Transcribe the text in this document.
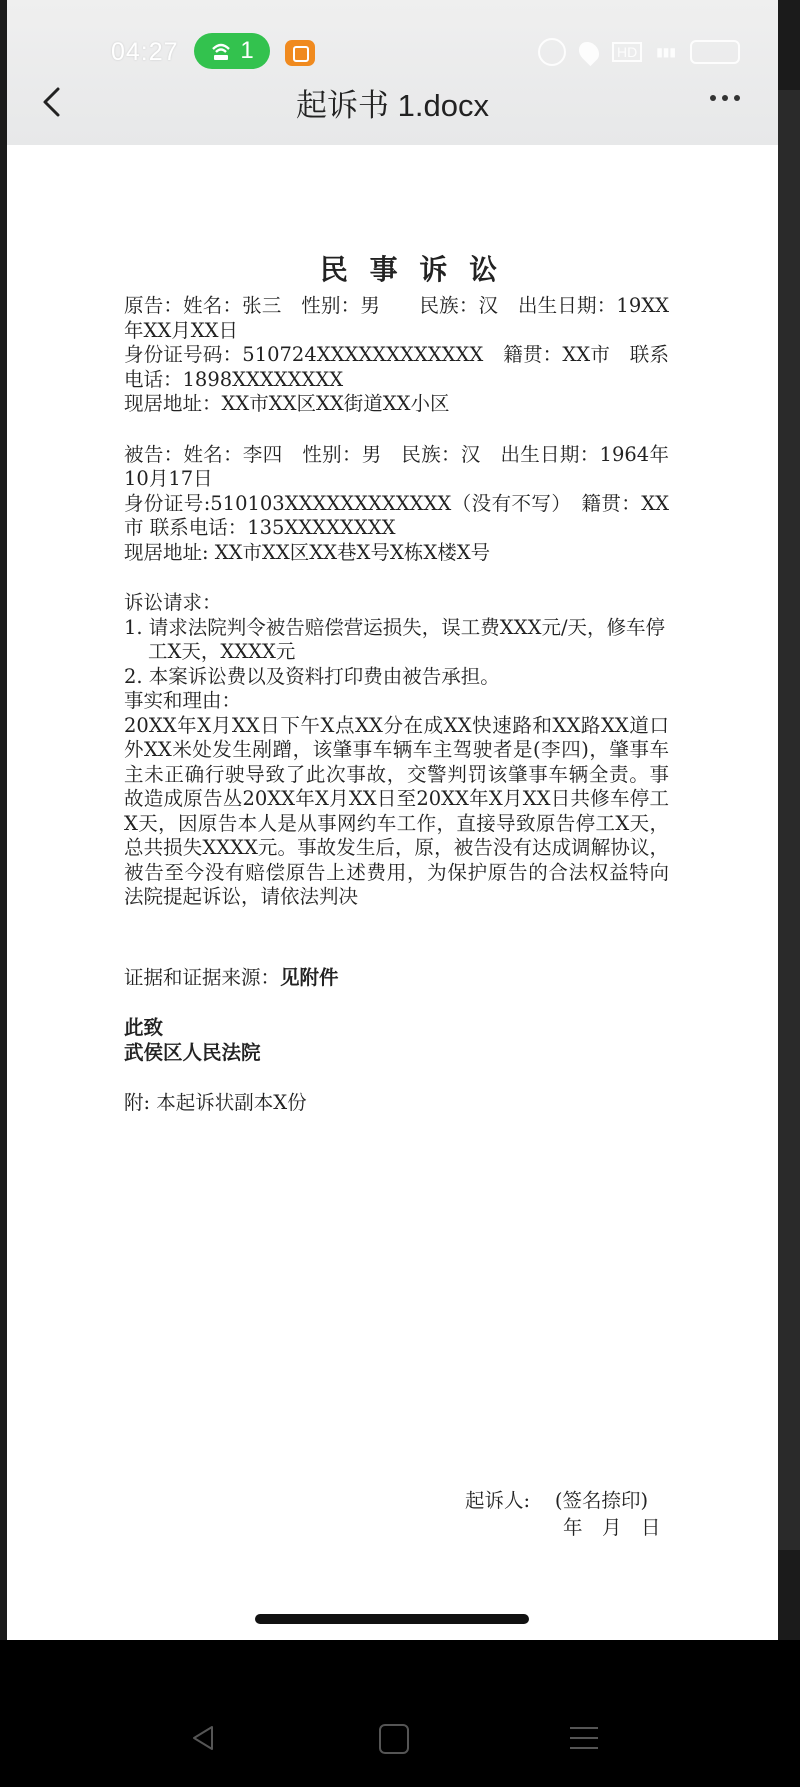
04:27	1	HD	▮▮▮
起诉书 1.docx
民 事 诉 讼

原告：姓名：张三　性别：男　　民族：汉　出生日期：19XX年XX月XX日

身份证号码：510724XXXXXXXXXXXX　籍贯：XX市　联系电话：1898XXXXXXXX

现居地址：XX市XX区XX街道XX小区

被告：姓名：李四　性别：男　民族：汉　出生日期：1964年10月17日

身份证号:510103XXXXXXXXXXXX（没有不写）　籍贯：XX市 联系电话：135XXXXXXXX

现居地址: XX市XX区XX巷X号X栋X楼X号

诉讼请求：

1. 请求法院判令被告赔偿营运损失，误工费XXX元/天，修车停工X天，XXXX元

2. 本案诉讼费以及资料打印费由被告承担。

事实和理由：

20XX年X月XX日下午X点XX分在成XX快速路和XX路XX道口外XX米处发生剐蹭，该肇事车辆车主驾驶者是(李四)，肇事车主未正确行驶导致了此次事故，交警判罚该肇事车辆全责。事故造成原告丛20XX年X月XX日至20XX年X月XX日共修车停工X天，因原告本人是从事网约车工作，直接导致原告停工X天，总共损失XXXX元。事故发生后，原，被告没有达成调解协议，被告至今没有赔偿原告上述费用，为保护原告的合法权益特向法院提起诉讼，请依法判决

证据和证据来源：见附件

此致

武侯区人民法院

附: 本起诉状副本X份

起诉人: (签名捺印)
年　月　日
